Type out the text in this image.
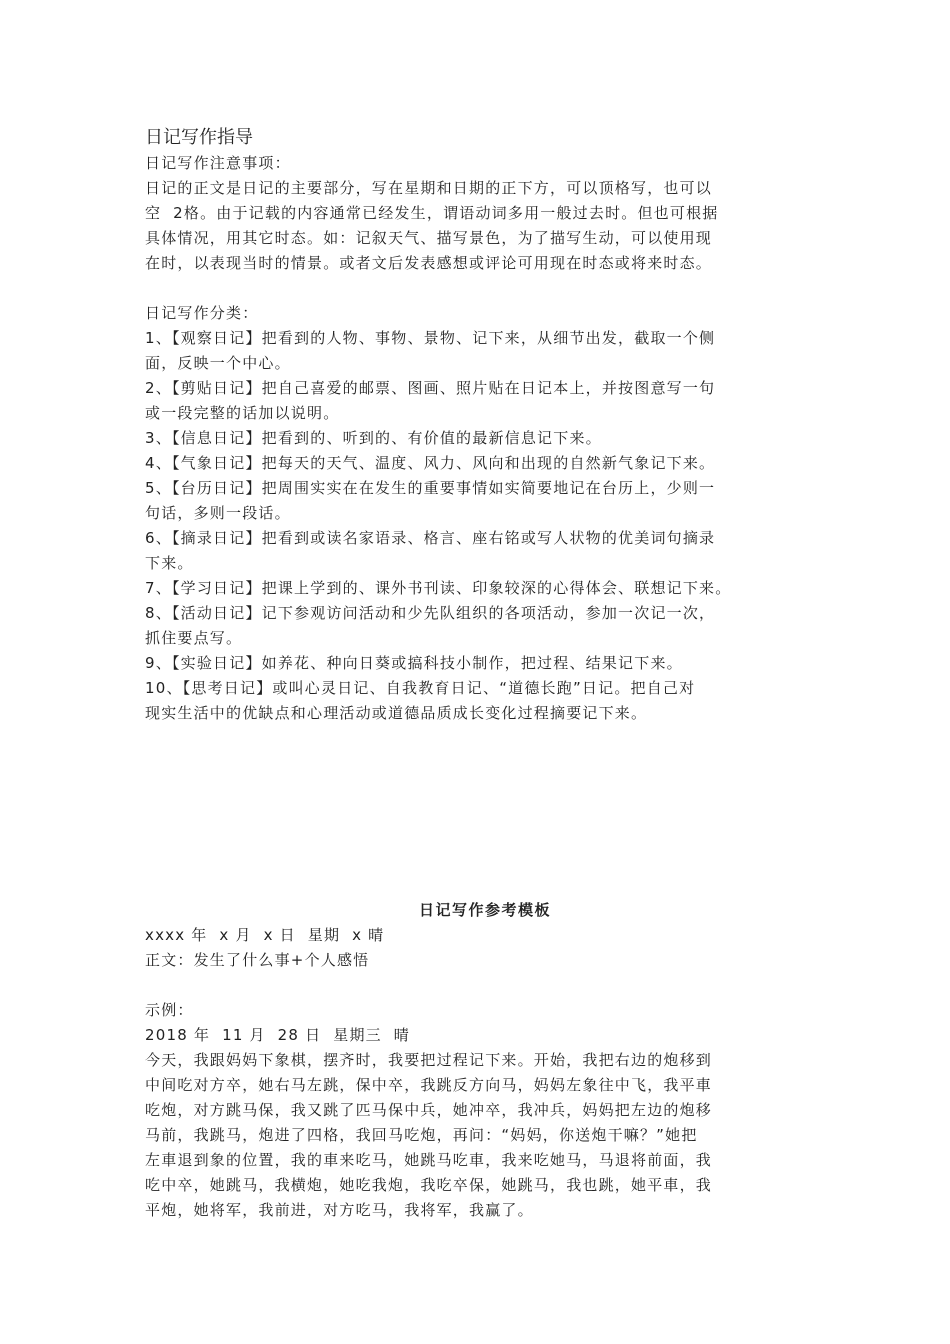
日记写作指导

日记写作注意事项：

日记的正文是日记的主要部分，写在星期和日期的正下方，可以顶格写，也可以

空  2格。由于记载的内容通常已经发生，谓语动词多用一般过去时。但也可根据

具体情况，用其它时态。如：记叙天气、描写景色，为了描写生动，可以使用现

在时，以表现当时的情景。或者文后发表感想或评论可用现在时态或将来时态。

日记写作分类：

1、【观察日记】把看到的人物、事物、景物、记下来，从细节出发，截取一个侧

面，反映一个中心。

2、【剪贴日记】把自己喜爱的邮票、图画、照片贴在日记本上，并按图意写一句

或一段完整的话加以说明。

3、【信息日记】把看到的、听到的、有价值的最新信息记下来。

4、【气象日记】把每天的天气、温度、风力、风向和出现的自然新气象记下来。

5、【台历日记】把周围实实在在发生的重要事情如实简要地记在台历上，少则一

句话，多则一段话。

6、【摘录日记】把看到或读名家语录、格言、座右铭或写人状物的优美词句摘录

下来。

7、【学习日记】把课上学到的、课外书刊读、印象较深的心得体会、联想记下来。

8、【活动日记】记下参观访问活动和少先队组织的各项活动，参加一次记一次，

抓住要点写。

9、【实验日记】如养花、种向日葵或搞科技小制作，把过程、结果记下来。

10、【思考日记】或叫心灵日记、自我教育日记、“道德长跑”日记。把自己对

现实生活中的优缺点和心理活动或道德品质成长变化过程摘要记下来。

日记写作参考模板

xxxx 年  x 月  x 日  星期  x 晴

正文：发生了什么事+个人感悟

示例：

2018 年  11 月  28 日  星期三  晴

今天，我跟妈妈下象棋，摆齐时，我要把过程记下来。开始，我把右边的炮移到

中间吃对方卒，她右马左跳，保中卒，我跳反方向马，妈妈左象往中飞，我平車

吃炮，对方跳马保，我又跳了匹马保中兵，她冲卒，我冲兵，妈妈把左边的炮移

马前，我跳马，炮进了四格，我回马吃炮，再问：“妈妈，你送炮干嘛？”她把

左車退到象的位置，我的車来吃马，她跳马吃車，我来吃她马，马退将前面，我

吃中卒，她跳马，我横炮，她吃我炮，我吃卒保，她跳马，我也跳，她平車，我

平炮，她将军，我前进，对方吃马，我将军，我赢了。
